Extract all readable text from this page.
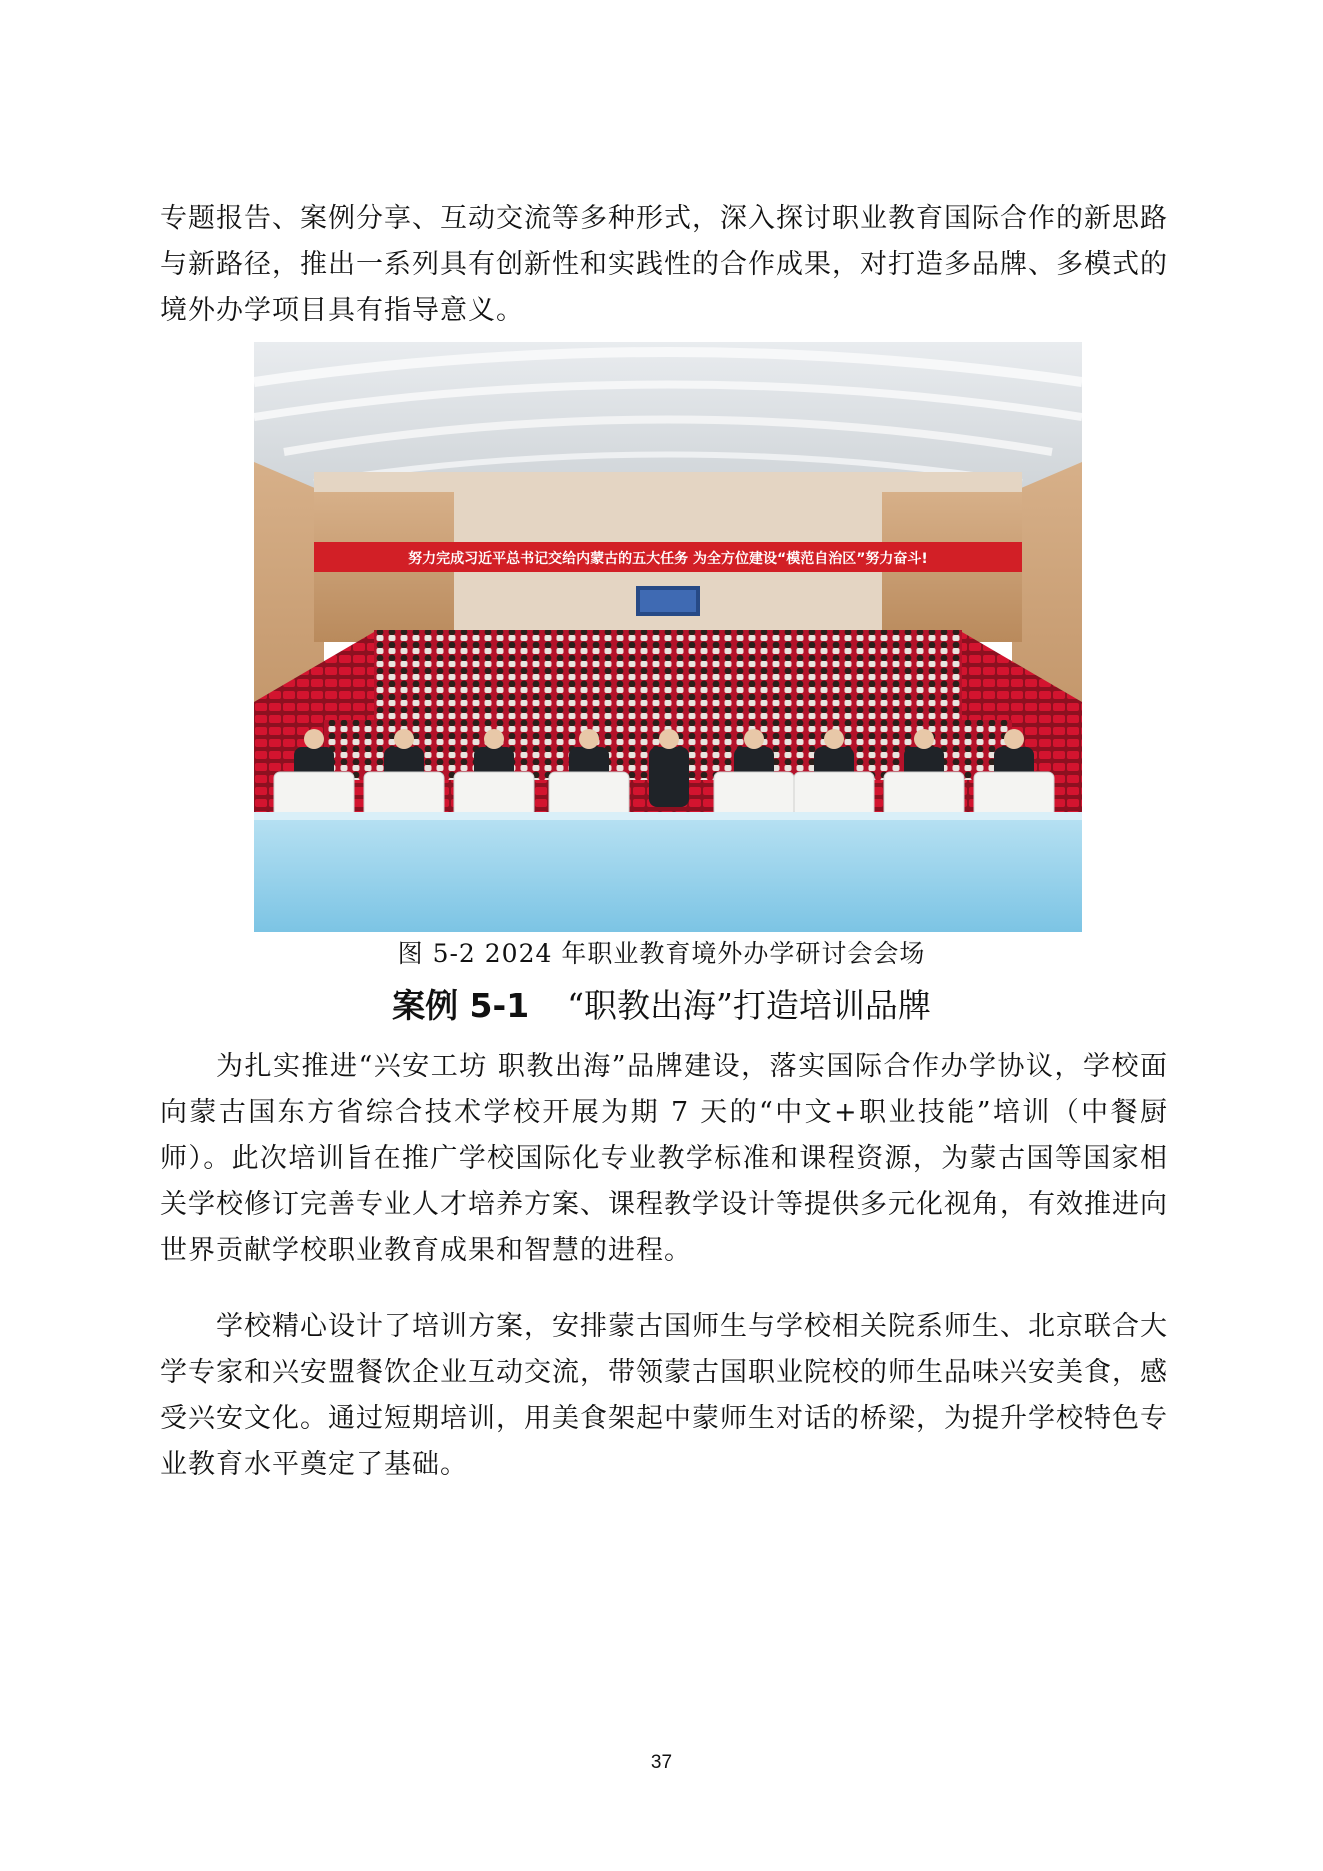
专题报告、案例分享、互动交流等多种形式，深入探讨职业教育国际合作的新思路与新路径，推出一系列具有创新性和实践性的合作成果，对打造多品牌、多模式的境外办学项目具有指导意义。

努力完成习近平总书记交给内蒙古的五大任务 为全方位建设“模范自治区”努力奋斗!
图 5-2 2024 年职业教育境外办学研讨会会场
案例 5-1 “职教出海”打造培训品牌

为扎实推进“兴安工坊 职教出海”品牌建设，落实国际合作办学协议，学校面向蒙古国东方省综合技术学校开展为期 7 天的“中文+职业技能”培训（中餐厨师）。此次培训旨在推广学校国际化专业教学标准和课程资源，为蒙古国等国家相关学校修订完善专业人才培养方案、课程教学设计等提供多元化视角，有效推进向世界贡献学校职业教育成果和智慧的进程。

学校精心设计了培训方案，安排蒙古国师生与学校相关院系师生、北京联合大学专家和兴安盟餐饮企业互动交流，带领蒙古国职业院校的师生品味兴安美食，感受兴安文化。通过短期培训，用美食架起中蒙师生对话的桥梁，为提升学校特色专业教育水平奠定了基础。

37
